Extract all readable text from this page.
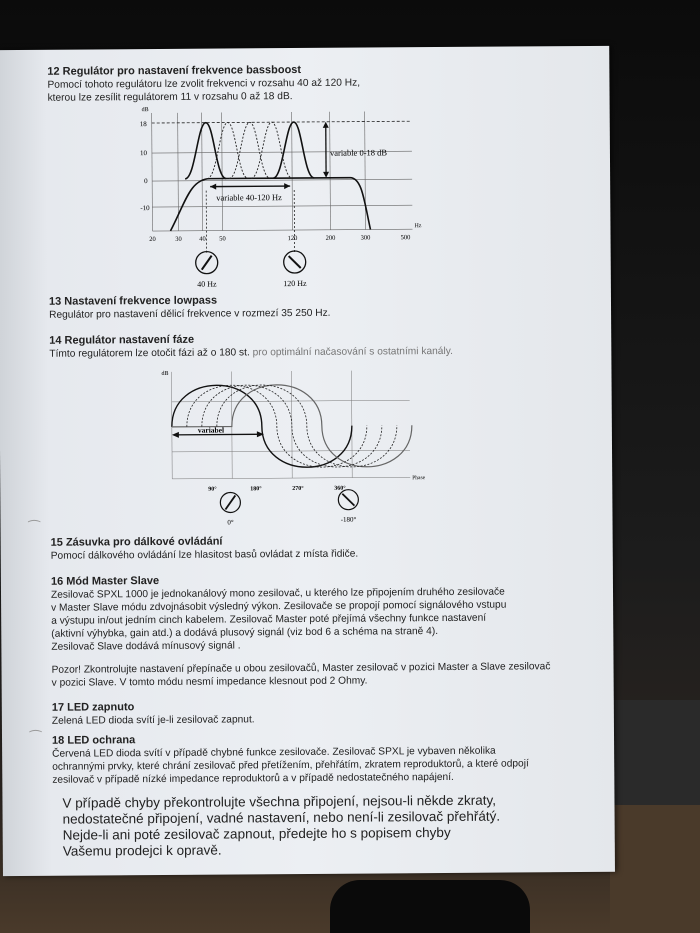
⁀
⁀

12 Regulátor pro nastavení frekvence bassboost

Pomocí tohoto regulátoru lze zvolit frekvenci v rozsahu 40 až 120 Hz,

kterou lze zesílit regulátorem 11 v rozsahu 0 až 18 dB.

dB
18
10
0
-10
variable 40-120 Hz
variable 0-18 dB
Hz
20	30	40 50	120	200	300	500
40 Hz	120 Hz

13 Nastavení frekvence lowpass

Regulátor pro nastavení dělicí frekvence v rozmezí 35 250 Hz.

14 Regulátor nastavení fáze

Tímto regulátorem lze otočit fázi až o 180 st. pro optimální načasování s ostatními kanály.

dB
variabel
Phase
90°	180°	270°	360°
0°	-180°

15 Zásuvka pro dálkové ovládání

Pomocí dálkového ovládání lze hlasitost basů ovládat z místa řidiče.

16 Mód Master Slave

Zesilovač SPXL 1000 je jednokanálový mono zesilovač, u kterého lze připojením druhého zesilovače

v Master Slave módu zdvojnásobit výsledný výkon. Zesilovače se propojí pomocí signálového vstupu

a výstupu in/out jedním cinch kabelem. Zesilovač Master poté přejímá všechny funkce nastavení

(aktivní výhybka, gain atd.) a dodává plusový signál (viz bod 6 a schéma na straně 4).

Zesilovač Slave dodává mínusový signál .

Pozor! Zkontrolujte nastavení přepínače u obou zesilovačů, Master zesilovač v pozici Master a Slave zesilovač

v pozici Slave. V tomto módu nesmí impedance klesnout pod 2 Ohmy.

17 LED zapnuto

Zelená LED dioda svítí je-li zesilovač zapnut.

18 LED ochrana

Červená LED dioda svítí v případě chybné funkce zesilovače. Zesilovač SPXL je vybaven několika

ochrannými prvky, které chrání zesilovač před přetížením, přehřátím, zkratem reproduktorů, a které odpojí

zesilovač v případě nízké impedance reproduktorů a v případě nedostatečného napájení.

V případě chyby překontrolujte všechna připojení, nejsou-li někde zkraty,

nedostatečné připojení, vadné nastavení, nebo není-li zesilovač přehřátý.

Nejde-li ani poté zesilovač zapnout, předejte ho s popisem chyby

Vašemu prodejci k opravě.
